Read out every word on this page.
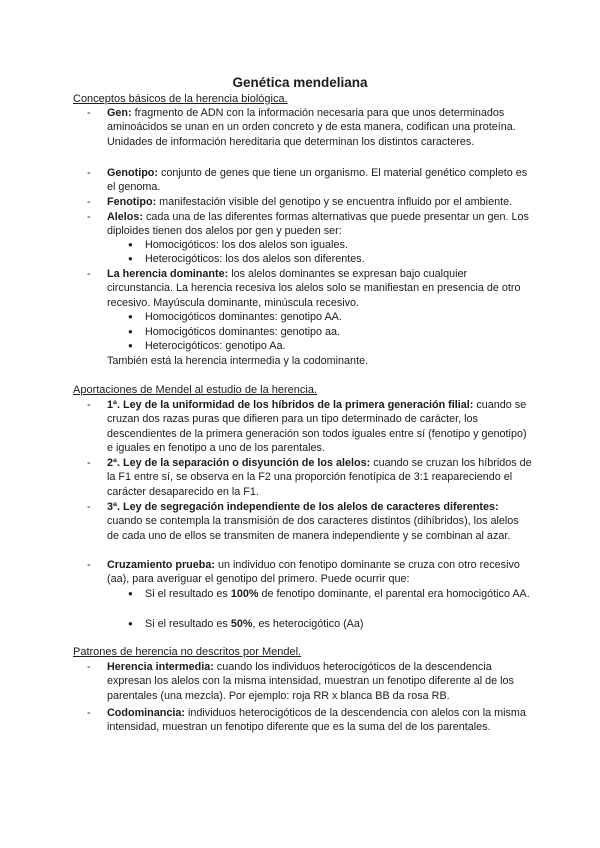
Genética mendeliana
Conceptos básicos de la herencia biológica.
- Gen: fragmento de ADN con la información necesaria para que unos determinados aminoácidos se unan en un orden concreto y de esta manera, codifican una proteína. Unidades de información hereditaria que determinan los distintos caracteres.
- Genotipo: conjunto de genes que tiene un organismo. El material genético completo es el genoma.
- Fenotipo: manifestación visible del genotipo y se encuentra influido por el ambiente.
- Alelos: cada una de las diferentes formas alternativas que puede presentar un gen. Los diploides tienen dos alelos por gen y pueden ser:
● Homocigóticos: los dos alelos son iguales.
● Heterocigóticos: los dos alelos son diferentes.
- La herencia dominante: los alelos dominantes se expresan bajo cualquier circunstancia. La herencia recesiva los alelos solo se manifiestan en presencia de otro recesivo. Mayúscula dominante, minúscula recesivo.
● Homocigóticos dominantes: genotipo AA.
● Homocigóticos dominantes: genotipo aa.
● Heterocigóticos: genotipo Aa.
También está la herencia intermedia y la codominante.
Aportaciones de Mendel al estudio de la herencia.
- 1ª. Ley de la uniformidad de los híbridos de la primera generación filial: cuando se cruzan dos razas puras que difieren para un tipo determinado de carácter, los descendientes de la primera generación son todos iguales entre sí (fenotipo y genotipo) e iguales en fenotipo a uno de los parentales.
- 2ª. Ley de la separación o disyunción de los alelos: cuando se cruzan los híbridos de la F1 entre sí, se observa en la F2 una proporción fenotípica de 3:1 reapareciendo el carácter desaparecido en la F1.
- 3ª. Ley de segregación independiente de los alelos de caracteres diferentes: cuando se contempla la transmisión de dos caracteres distintos (dihíbridos), los alelos de cada uno de ellos se transmiten de manera independiente y se combinan al azar.
- Cruzamiento prueba: un individuo con fenotipo dominante se cruza con otro recesivo (aa), para averiguar el genotipo del primero. Puede ocurrir que:
● Si el resultado es 100% de fenotipo dominante, el parental era homocigótico AA.
● Si el resultado es 50%, es heterocigótico (Aa)
Patrones de herencia no descritos por Mendel.
- Herencia intermedia: cuando los individuos heterocigóticos de la descendencia expresan los alelos con la misma intensidad, muestran un fenotipo diferente al de los parentales (una mezcla). Por ejemplo: roja RR x blanca BB da rosa RB.
- Codominancia: individuos heterocigóticos de la descendencia con alelos con la misma intensidad, muestran un fenotipo diferente que es la suma del de los parentales.
